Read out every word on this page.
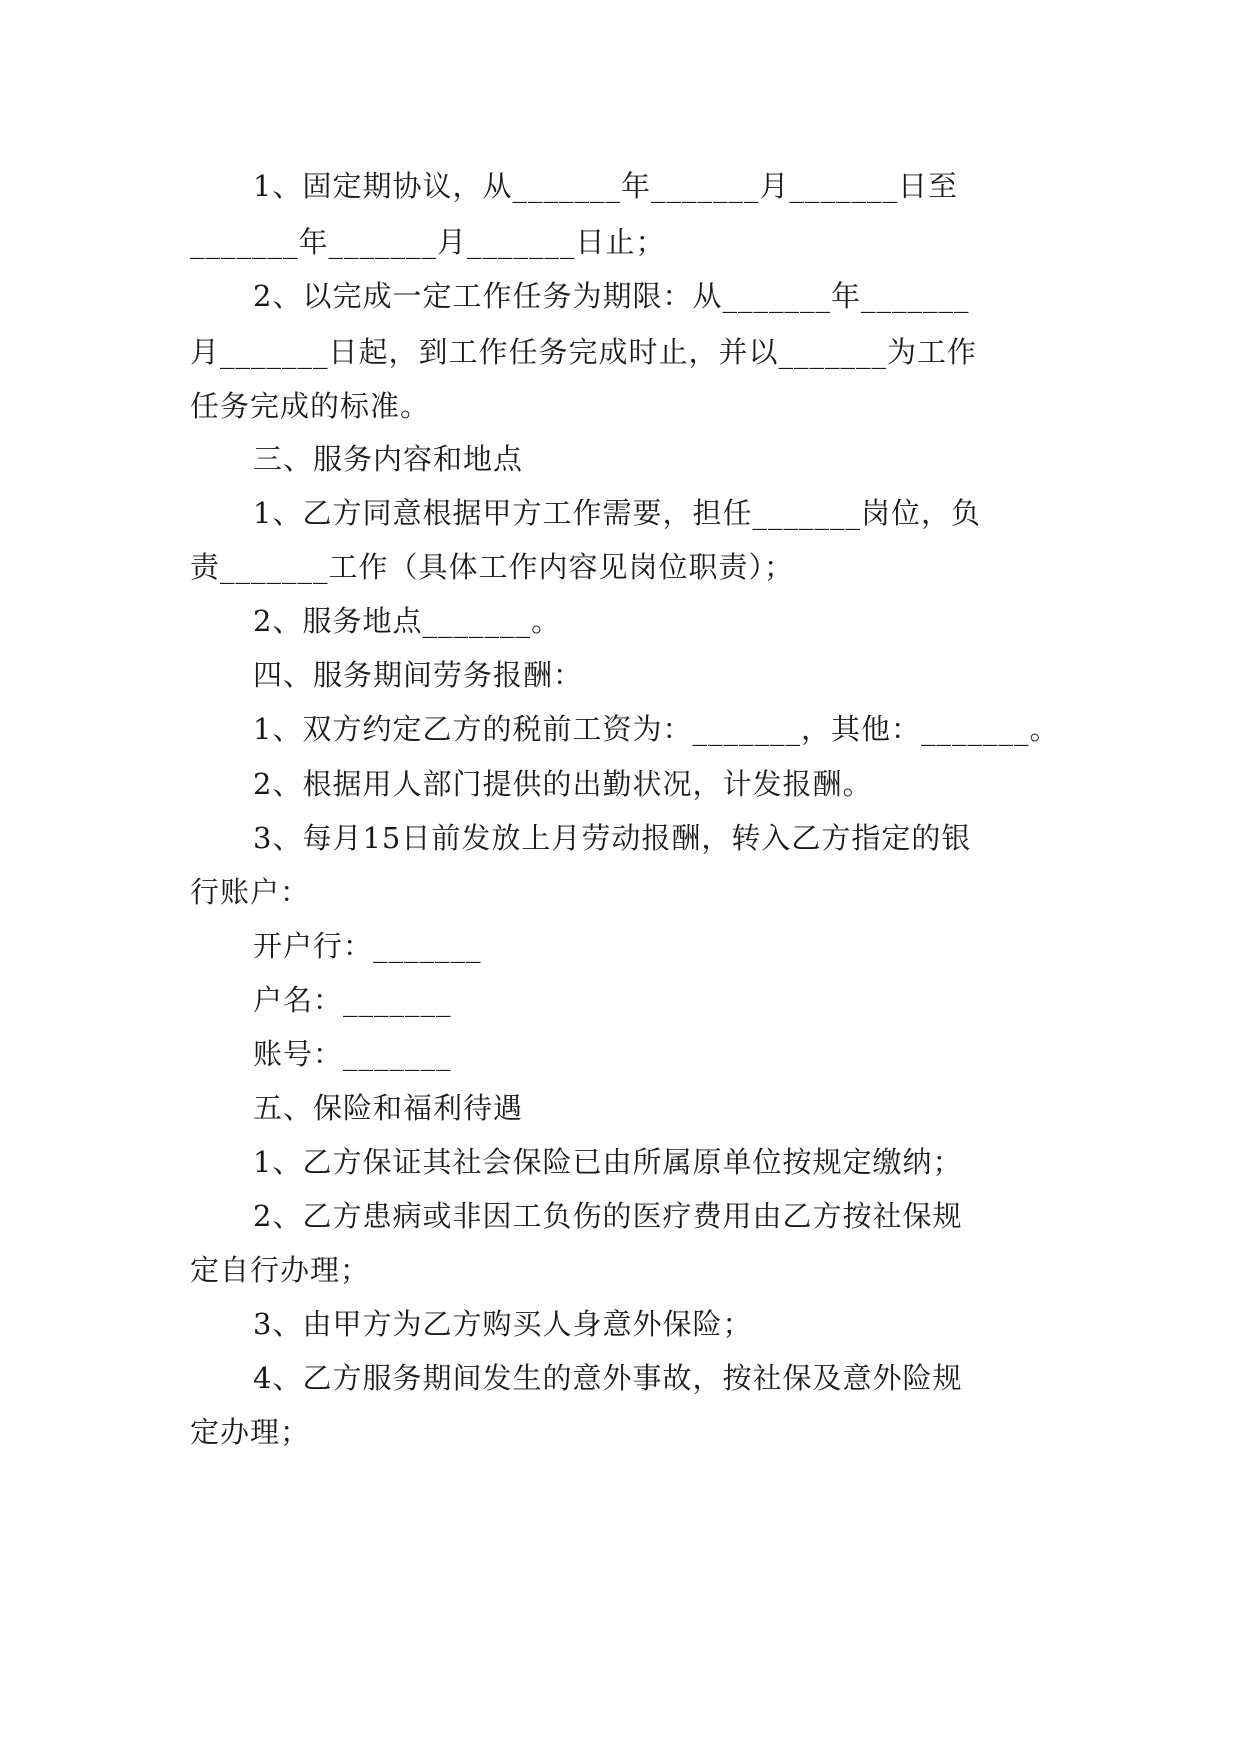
1、固定期协议，从_______年_______月_______日至
_______年_______月_______日止；
2、以完成一定工作任务为期限：从_______年_______
月_______日起，到工作任务完成时止，并以_______为工作
任务完成的标准。
三、服务内容和地点
1、乙方同意根据甲方工作需要，担任_______岗位，负
责_______工作（具体工作内容见岗位职责）；
2、服务地点_______。
四、服务期间劳务报酬：
1、双方约定乙方的税前工资为：_______，其他：_______。
2、根据用人部门提供的出勤状况，计发报酬。
3、每月15日前发放上月劳动报酬，转入乙方指定的银
行账户：
开户行：_______
户名：_______
账号：_______
五、保险和福利待遇
1、乙方保证其社会保险已由所属原单位按规定缴纳；
2、乙方患病或非因工负伤的医疗费用由乙方按社保规
定自行办理；
3、由甲方为乙方购买人身意外保险；
4、乙方服务期间发生的意外事故，按社保及意外险规
定办理；
